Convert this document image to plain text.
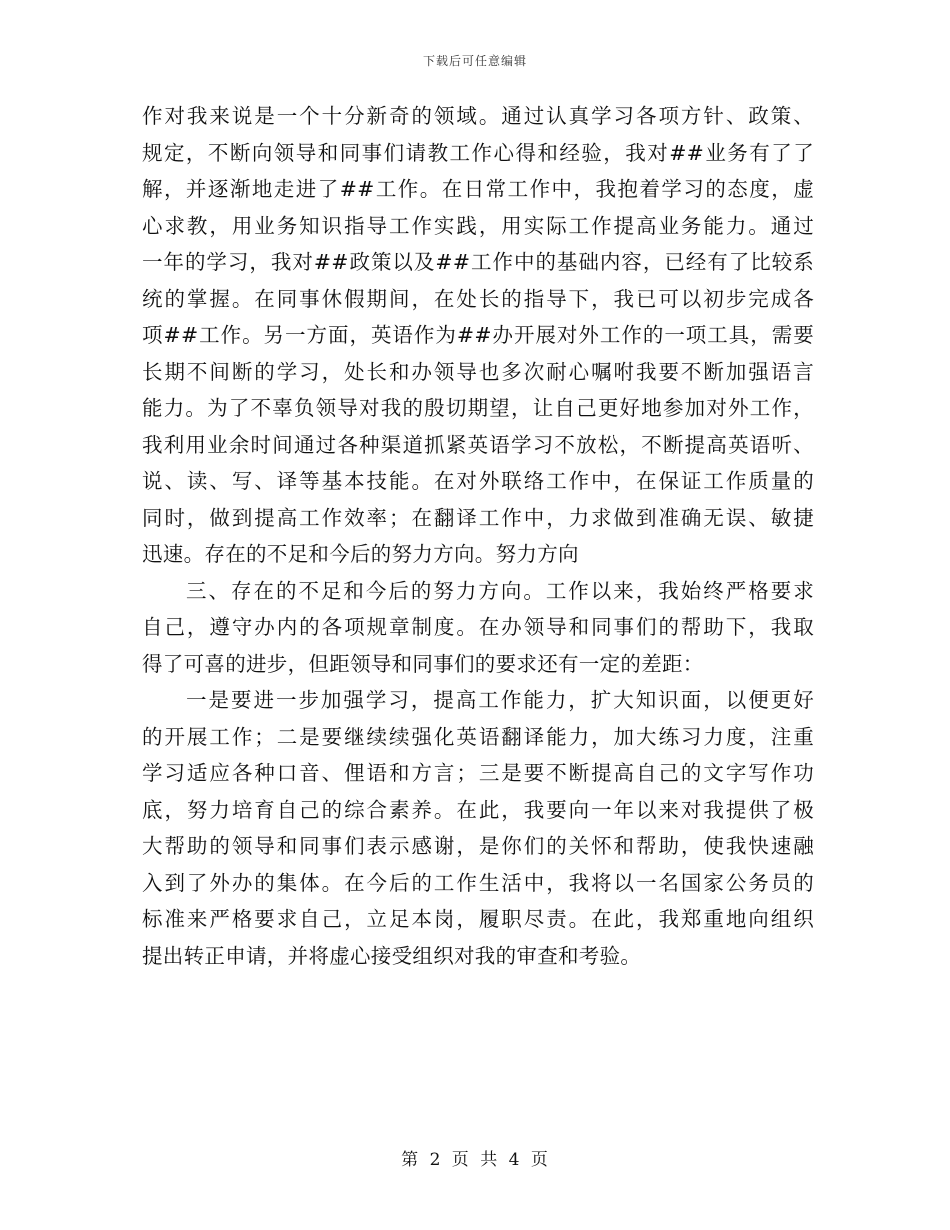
下载后可任意编辑
作对我来说是一个十分新奇的领域。通过认真学习各项方针、政策、
规定，不断向领导和同事们请教工作心得和经验，我对##业务有了了
解，并逐渐地走进了##工作。在日常工作中，我抱着学习的态度，虚
心求教，用业务知识指导工作实践，用实际工作提高业务能力。通过
一年的学习，我对##政策以及##工作中的基础内容，已经有了比较系
统的掌握。在同事休假期间，在处长的指导下，我已可以初步完成各
项##工作。另一方面，英语作为##办开展对外工作的一项工具，需要
长期不间断的学习，处长和办领导也多次耐心嘱咐我要不断加强语言
能力。为了不辜负领导对我的殷切期望，让自己更好地参加对外工作，
我利用业余时间通过各种渠道抓紧英语学习不放松，不断提高英语听、
说、读、写、译等基本技能。在对外联络工作中，在保证工作质量的
同时，做到提高工作效率；在翻译工作中，力求做到准确无误、敏捷
迅速。存在的不足和今后的努力方向。努力方向
三、存在的不足和今后的努力方向。工作以来，我始终严格要求
自己，遵守办内的各项规章制度。在办领导和同事们的帮助下，我取
得了可喜的进步，但距领导和同事们的要求还有一定的差距：
一是要进一步加强学习，提高工作能力，扩大知识面，以便更好
的开展工作；二是要继续续强化英语翻译能力，加大练习力度，注重
学习适应各种口音、俚语和方言；三是要不断提高自己的文字写作功
底，努力培育自己的综合素养。在此，我要向一年以来对我提供了极
大帮助的领导和同事们表示感谢，是你们的关怀和帮助，使我快速融
入到了外办的集体。在今后的工作生活中，我将以一名国家公务员的
标准来严格要求自己，立足本岗，履职尽责。在此，我郑重地向组织
提出转正申请，并将虚心接受组织对我的审查和考验。
第 2 页 共 4 页
